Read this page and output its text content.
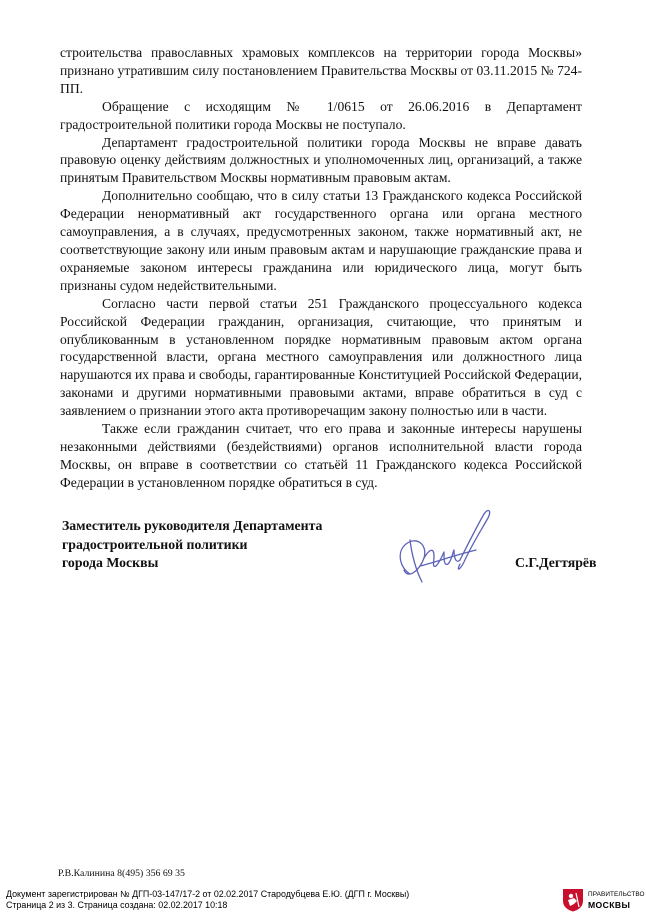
строительства православных храмовых комплексов на территории города Москвы» признано утратившим силу постановлением Правительства Москвы от 03.11.2015 № 724-ПП.

Обращение с исходящим № 1/0615 от 26.06.2016 в Департамент градостроительной политики города Москвы не поступало.

Департамент градостроительной политики города Москвы не вправе давать правовую оценку действиям должностных и уполномоченных лиц, организаций, а также принятым Правительством Москвы нормативным правовым актам.

Дополнительно сообщаю, что в силу статьи 13 Гражданского кодекса Российской Федерации ненормативный акт государственного органа или органа местного самоуправления, а в случаях, предусмотренных законом, также нормативный акт, не соответствующие закону или иным правовым актам и нарушающие гражданские права и охраняемые законом интересы гражданина или юридического лица, могут быть признаны судом недействительными.

Согласно части первой статьи 251 Гражданского процессуального кодекса Российской Федерации гражданин, организация, считающие, что принятым и опубликованным в установленном порядке нормативным правовым актом органа государственной власти, органа местного самоуправления или должностного лица нарушаются их права и свободы, гарантированные Конституцией Российской Федерации, законами и другими нормативными правовыми актами, вправе обратиться в суд с заявлением о признании этого акта противоречащим закону полностью или в части.

Также если гражданин считает, что его права и законные интересы нарушены незаконными действиями (бездействиями) органов исполнительной власти города Москвы, он вправе в соответствии со статьёй 11 Гражданского кодекса Российской Федерации в установленном порядке обратиться в суд.

Заместитель руководителя Департамента
градостроительной политики
города Москвы	С.Г.Дегтярёв
Р.В.Калинина 8(495) 356 69 35
Документ зарегистрирован № ДГП-03-147/17-2 от 02.02.2017 Стародубцева Е.Ю. (ДГП г. Москвы)
Страница 2 из 3. Страница создана: 02.02.2017 10:18
ПРАВИТЕЛЬСТВО
МОСКВЫ
